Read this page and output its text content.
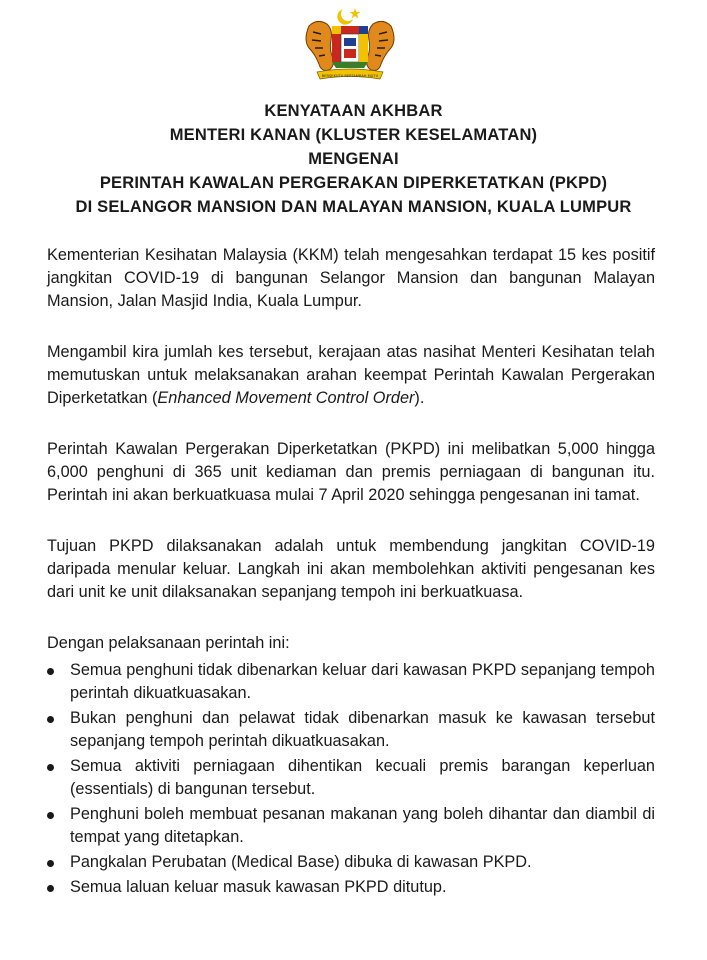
BERSEKUTU BERTAMBAH MUTU
KENYATAAN AKHBAR
MENTERI KANAN (KLUSTER KESELAMATAN)
MENGENAI
PERINTAH KAWALAN PERGERAKAN DIPERKETATKAN (PKPD)
DI SELANGOR MANSION DAN MALAYAN MANSION, KUALA LUMPUR

Kementerian Kesihatan Malaysia (KKM) telah mengesahkan terdapat 15 kes positif jangkitan COVID-19 di bangunan Selangor Mansion dan bangunan Malayan Mansion, Jalan Masjid India, Kuala Lumpur.

Mengambil kira jumlah kes tersebut, kerajaan atas nasihat Menteri Kesihatan telah memutuskan untuk melaksanakan arahan keempat Perintah Kawalan Pergerakan Diperketatkan (Enhanced Movement Control Order).

Perintah Kawalan Pergerakan Diperketatkan (PKPD) ini melibatkan 5,000 hingga 6,000 penghuni di 365 unit kediaman dan premis perniagaan di bangunan itu. Perintah ini akan berkuatkuasa mulai 7 April 2020 sehingga pengesanan ini tamat.

Tujuan PKPD dilaksanakan adalah untuk membendung jangkitan COVID-19 daripada menular keluar. Langkah ini akan membolehkan aktiviti pengesanan kes dari unit ke unit dilaksanakan sepanjang tempoh ini berkuatkuasa.

Dengan pelaksanaan perintah ini:

Semua penghuni tidak dibenarkan keluar dari kawasan PKPD sepanjang tempoh perintah dikuatkuasakan.
Bukan penghuni dan pelawat tidak dibenarkan masuk ke kawasan tersebut sepanjang tempoh perintah dikuatkuasakan.
Semua aktiviti perniagaan dihentikan kecuali premis barangan keperluan (essentials) di bangunan tersebut.
Penghuni boleh membuat pesanan makanan yang boleh dihantar dan diambil di tempat yang ditetapkan.
Pangkalan Perubatan (Medical Base) dibuka di kawasan PKPD.
Semua laluan keluar masuk kawasan PKPD ditutup.
